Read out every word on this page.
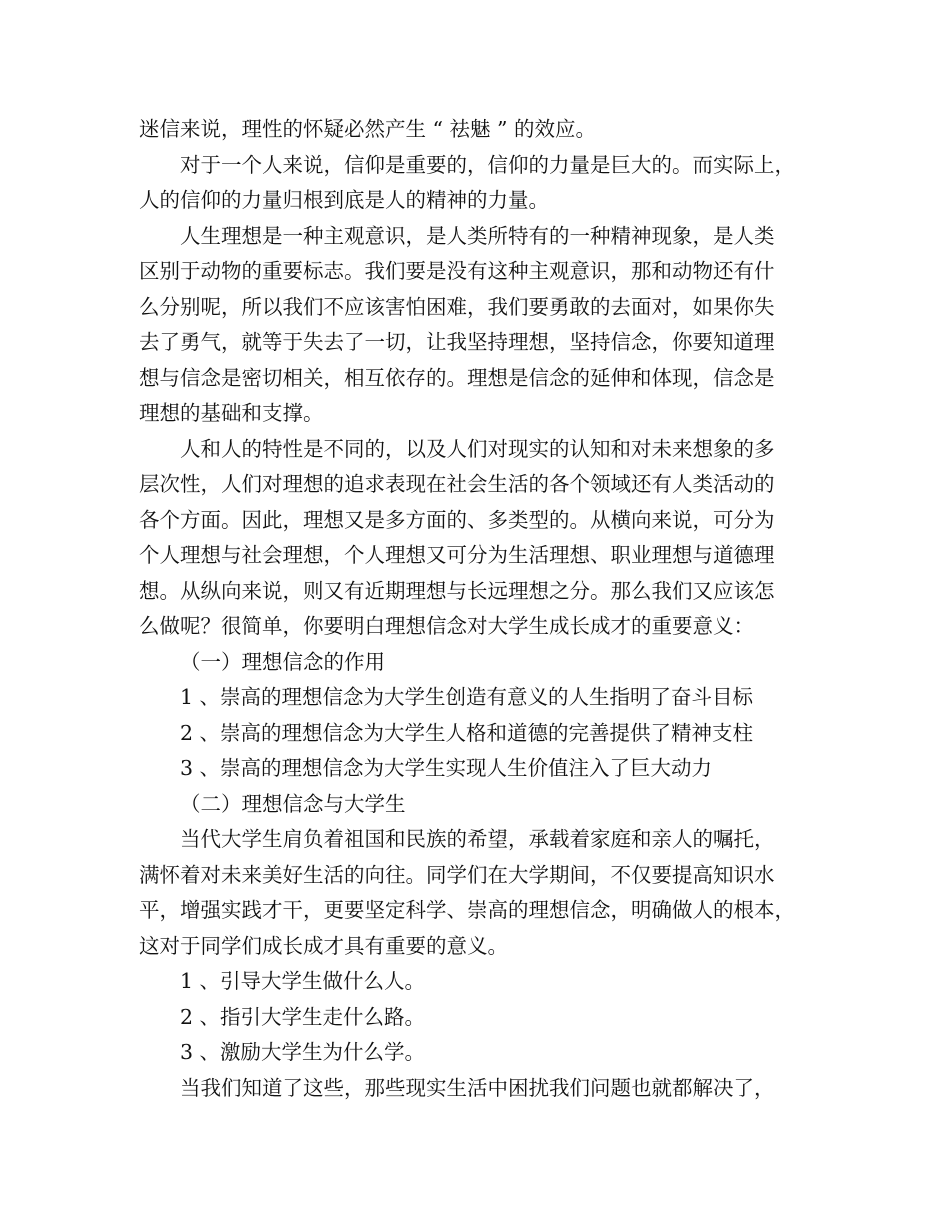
迷信来说，理性的怀疑必然产生 “ 祛魅 ” 的效应。
对于一个人来说，信仰是重要的，信仰的力量是巨大的。而实际上，
人的信仰的力量归根到底是人的精神的力量。
人生理想是一种主观意识，是人类所特有的一种精神现象，是人类
区别于动物的重要标志。我们要是没有这种主观意识，那和动物还有什
么分别呢，所以我们不应该害怕困难，我们要勇敢的去面对，如果你失
去了勇气，就等于失去了一切，让我坚持理想，坚持信念，你要知道理
想与信念是密切相关，相互依存的。理想是信念的延伸和体现，信念是
理想的基础和支撑。
人和人的特性是不同的，以及人们对现实的认知和对未来想象的多
层次性，人们对理想的追求表现在社会生活的各个领域还有人类活动的
各个方面。因此，理想又是多方面的、多类型的。从横向来说，可分为
个人理想与社会理想，个人理想又可分为生活理想、职业理想与道德理
想。从纵向来说，则又有近期理想与长远理想之分。那么我们又应该怎
么做呢？很简单，你要明白理想信念对大学生成长成才的重要意义：
（一）理想信念的作用
1 、崇高的理想信念为大学生创造有意义的人生指明了奋斗目标
2 、崇高的理想信念为大学生人格和道德的完善提供了精神支柱
3 、崇高的理想信念为大学生实现人生价值注入了巨大动力
（二）理想信念与大学生
当代大学生肩负着祖国和民族的希望，承载着家庭和亲人的嘱托，
满怀着对未来美好生活的向往。同学们在大学期间，不仅要提高知识水
平，增强实践才干，更要坚定科学、崇高的理想信念，明确做人的根本，
这对于同学们成长成才具有重要的意义。
1 、引导大学生做什么人。
2 、指引大学生走什么路。
3 、激励大学生为什么学。
当我们知道了这些，那些现实生活中困扰我们问题也就都解决了，
